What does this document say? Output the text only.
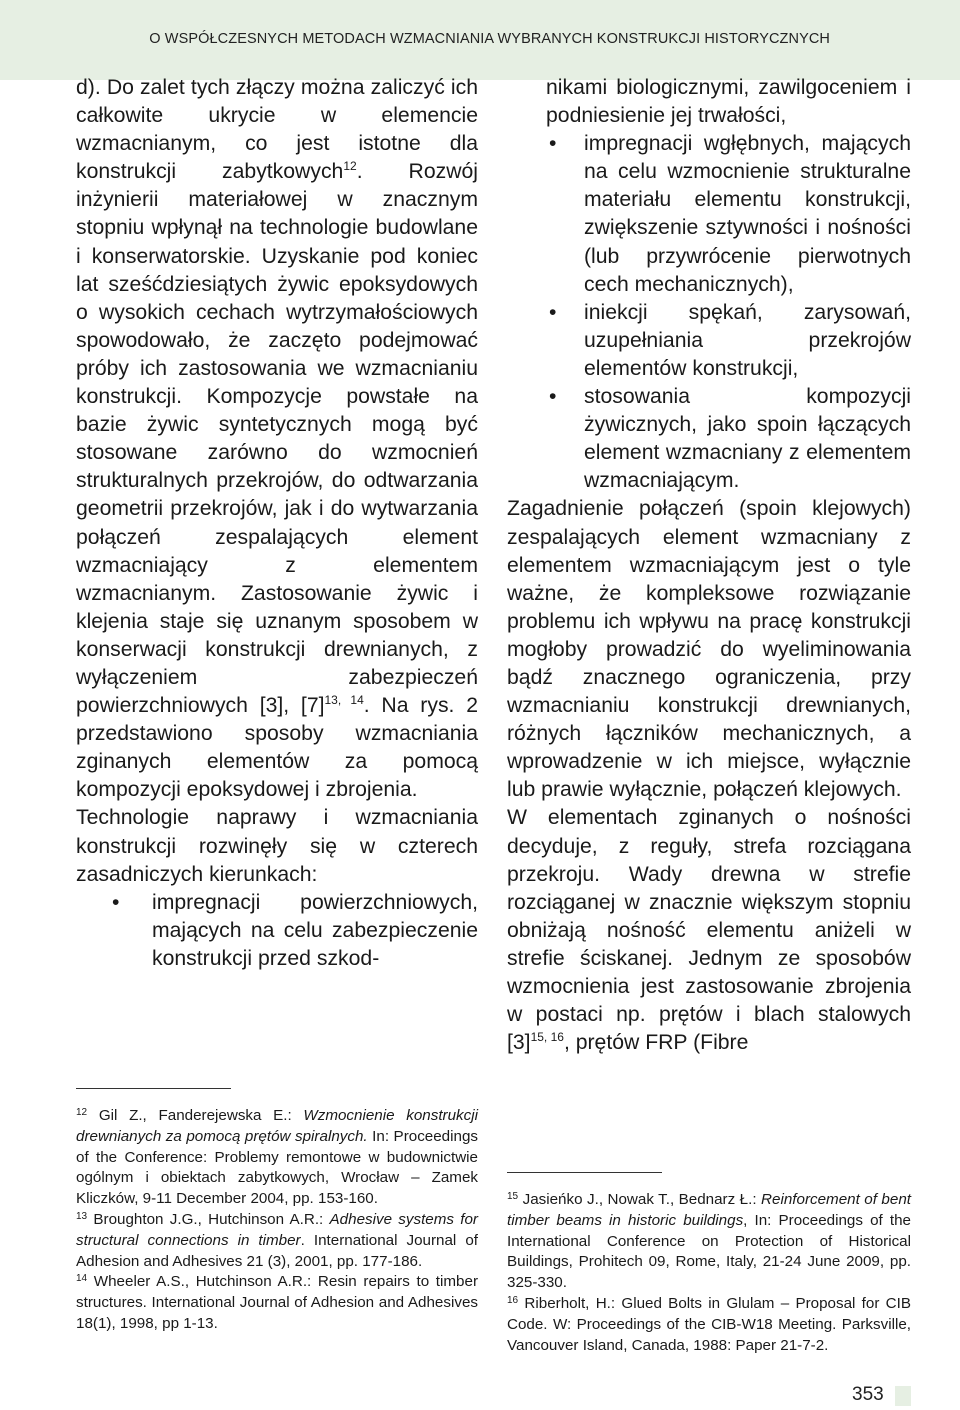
O WSPÓŁCZESNYCH METODACH WZMACNIANIA WYBRANYCH KONSTRUKCJI HISTORYCZNYCH

d). Do zalet tych złączy można zaliczyć ich całkowite ukrycie w elemencie wzmacnianym, co jest istotne dla konstrukcji zabytkowych$^{12}$. Rozwój inżynierii materiałowej w znacznym stopniu wpłynął na technologie budowlane i konserwatorskie. Uzyskanie pod koniec lat sześćdziesiątych żywic epoksydowych o wysokich cechach wytrzymałościowych spowodowało, że zaczęto podejmować próby ich zastosowania we wzmacnianiu konstrukcji. Kompozycje powstałe na bazie żywic syntetycznych mogą być stosowane zarówno do wzmocnień strukturalnych przekrojów, do odtwarzania geometrii przekrojów, jak i do wytwarzania połączeń zespalających element wzmacniający z elementem wzmacnianym. Zastosowanie żywic i klejenia staje się uznanym sposobem w konserwacji konstrukcji drewnianych, z wyłączeniem zabezpieczeń powierzchniowych [3], $[7]^{13, 14}$. Na rys. 2 przedstawiono sposoby wzmacniania zginanych elementów za pomocą kompozycji epoksydowej i zbrojenia.

Technologie naprawy i wzmacniania konstrukcji rozwinęły się w czterech zasadniczych kierunkach:

• impregnacji powierzchniowych, mających na celu zabezpieczenie konstrukcji przed szkod-

nikami biologicznymi, zawilgoceniem i podniesienie jej trwałości,

• impregnacji wgłębnych, mających na celu wzmocnienie strukturalne materiału elementu konstrukcji, zwiększenie sztywności i nośności (lub przywrócenie pierwotnych cech mechanicznych),

• iniekcji spękań, zarysowań, uzupełniania przekrojów elementów konstrukcji,

• stosowania kompozycji żywicznych, jako spoin łączących element wzmacniany z elementem wzmacniającym.

Zagadnienie połączeń (spoin klejowych) zespalających element wzmacniany z elementem wzmacniającym jest o tyle ważne, że kompleksowe rozwiązanie problemu ich wpływu na pracę konstrukcji mogłoby prowadzić do wyeliminowania bądź znacznego ograniczenia, przy wzmacnianiu konstrukcji drewnianych, różnych łączników mechanicznych, a wprowadzenie w ich miejsce, wyłącznie lub prawie wyłącznie, połączeń klejowych.

W elementach zginanych o nośności decyduje, z reguły, strefa rozciągana przekroju. Wady drewna w strefie rozciąganej w znacznie większym stopniu obniżają nośność elementu aniżeli w strefie ściskanej. Jednym ze sposobów wzmocnienia jest zastosowanie zbrojenia w postaci np. prętów i blach stalowych $[3]^{15, 16}$, prętów FRP (Fibre

$^{12}$ Gil Z., Fanderejewska E.: Wzmocnienie konstrukcji drewnianych za pomocą prętów spiralnych. In: Proceedings of the Conference: Problemy remontowe w budownictwie ogólnym i obiektach zabytkowych, Wrocław – Zamek Kliczków, 9-11 December 2004, pp. 153-160.

$^{13}$ Broughton J.G., Hutchinson A.R.: Adhesive systems for structural connections in timber. International Journal of Adhesion and Adhesives 21 (3), 2001, pp. 177-186.

$^{14}$ Wheeler A.S., Hutchinson A.R.: Resin repairs to timber structures. International Journal of Adhesion and Adhesives 18(1), 1998, pp 1-13.

$^{15}$ Jasieńko J., Nowak T., Bednarz Ł.: Reinforcement of bent timber beams in historic buildings, In: Proceedings of the International Conference on Protection of Historical Buildings, Prohitech 09, Rome, Italy, 21-24 June 2009, pp. 325-330.

$^{16}$ Riberholt, H.: Glued Bolts in Glulam – Proposal for CIB Code. W: Proceedings of the CIB-W18 Meeting. Parksville, Vancouver Island, Canada, 1988: Paper 21-7-2.

353
